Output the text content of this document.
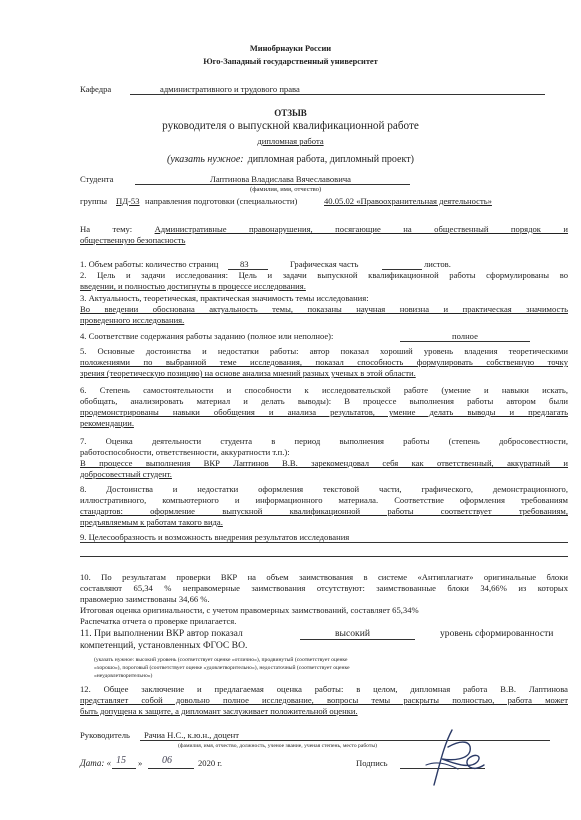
Минобрнауки России
Юго-Западный государственный университет
Кафедра	административного и трудового права
ОТЗЫВ
руководителя о выпускной квалификационной работе
дипломная работа
(указать нужное: дипломная работа, дипломный проект)
Студента	Лаптинова Владислава Вячеславовича
(фамилия, имя, отчество)
группы ПД-53 направления подготовки (специальности)	40.05.02 «Правоохранительная деятельность»
На тему:	Административные правонарушения, посягающие на общественный порядок и
общественную безопасность
1. Объем работы: количество страниц	83	Графическая часть	листов.
2. Цель и задачи исследования: Цель и задачи выпускной квалификационной работы сформулированы во
введении, и полностью достигнуты в процессе исследования.
3. Актуальность, теоретическая, практическая значимость темы исследования:
Во введении обоснована актуальность темы, показаны научная новизна и практическая значимость
проведенного исследования.
4. Соответствие содержания работы заданию (полное или неполное):	полное
5. Основные достоинства и недостатки работы: автор показал хороший уровень владения теоретическими
положениями по выбранной теме исследования, показал способность формулировать собственную точку
зрения (теоретическую позицию) на основе анализа мнений разных ученых в этой области.
6. Степень самостоятельности и способности к исследовательской работе (умение и навыки искать,
обобщать, анализировать материал и делать выводы): В процессе выполнения работы автором были
продемонстрированы навыки обобщения и анализа результатов, умение делать выводы и предлагать
рекомендации.
7. Оценка деятельности студента в период выполнения работы (степень добросовестности,
работоспособности, ответственности, аккуратности т.п.):
В процессе выполнения ВКР Лаптинов В.В. зарекомендовал себя как ответственный, аккуратный и
добросовестный студент.
8. Достоинства и недостатки оформления текстовой части, графического, демонстрационного,
иллюстративного, компьютерного и информационного материала. Соответствие оформления требованиям
стандартов: оформление выпускной квалификационной работы соответствует требованиям,
предъявляемым к работам такого вида.
9. Целесообразность и возможность внедрения результатов исследования
10. По результатам проверки ВКР на объем заимствования в системе «Антиплагиат» оригинальные блоки
составляют 65,34 % неправомерные заимствования отсутствуют: заимствованные блоки 34,66% из которых
правомерно заимствованы 34,66 %.
Итоговая оценка оригинальности, с учетом правомерных заимствований, составляет 65,34%
Распечатка отчета о проверке прилагается.
11. При выполнении ВКР автор показал	высокий	уровень сформированности
компетенций, установленных ФГОС ВО.
(указать нужное: высокий уровень (соответствует оценке «отлично»), продвинутый (соответствует оценке
«хорошо»), пороговый (соответствует оценке «удовлетворительно»), недостаточный (соответствует оценке
«неудовлетворительно»)
12. Общее заключение и предлагаемая оценка работы: в целом, дипломная работа В.В. Лаптинова
представляет собой довольно полное исследование, вопросы темы раскрыты полностью, работа может
быть допущена к защите, а дипломант заслуживает положительной оценки.
Руководитель Рачиа Н.С., к.ю.н., доцент
(фамилия, имя, отчество, должность, ученое звание, ученая степень, место работы)
Дата: « 15 » 06	2020 г.	Подпись
